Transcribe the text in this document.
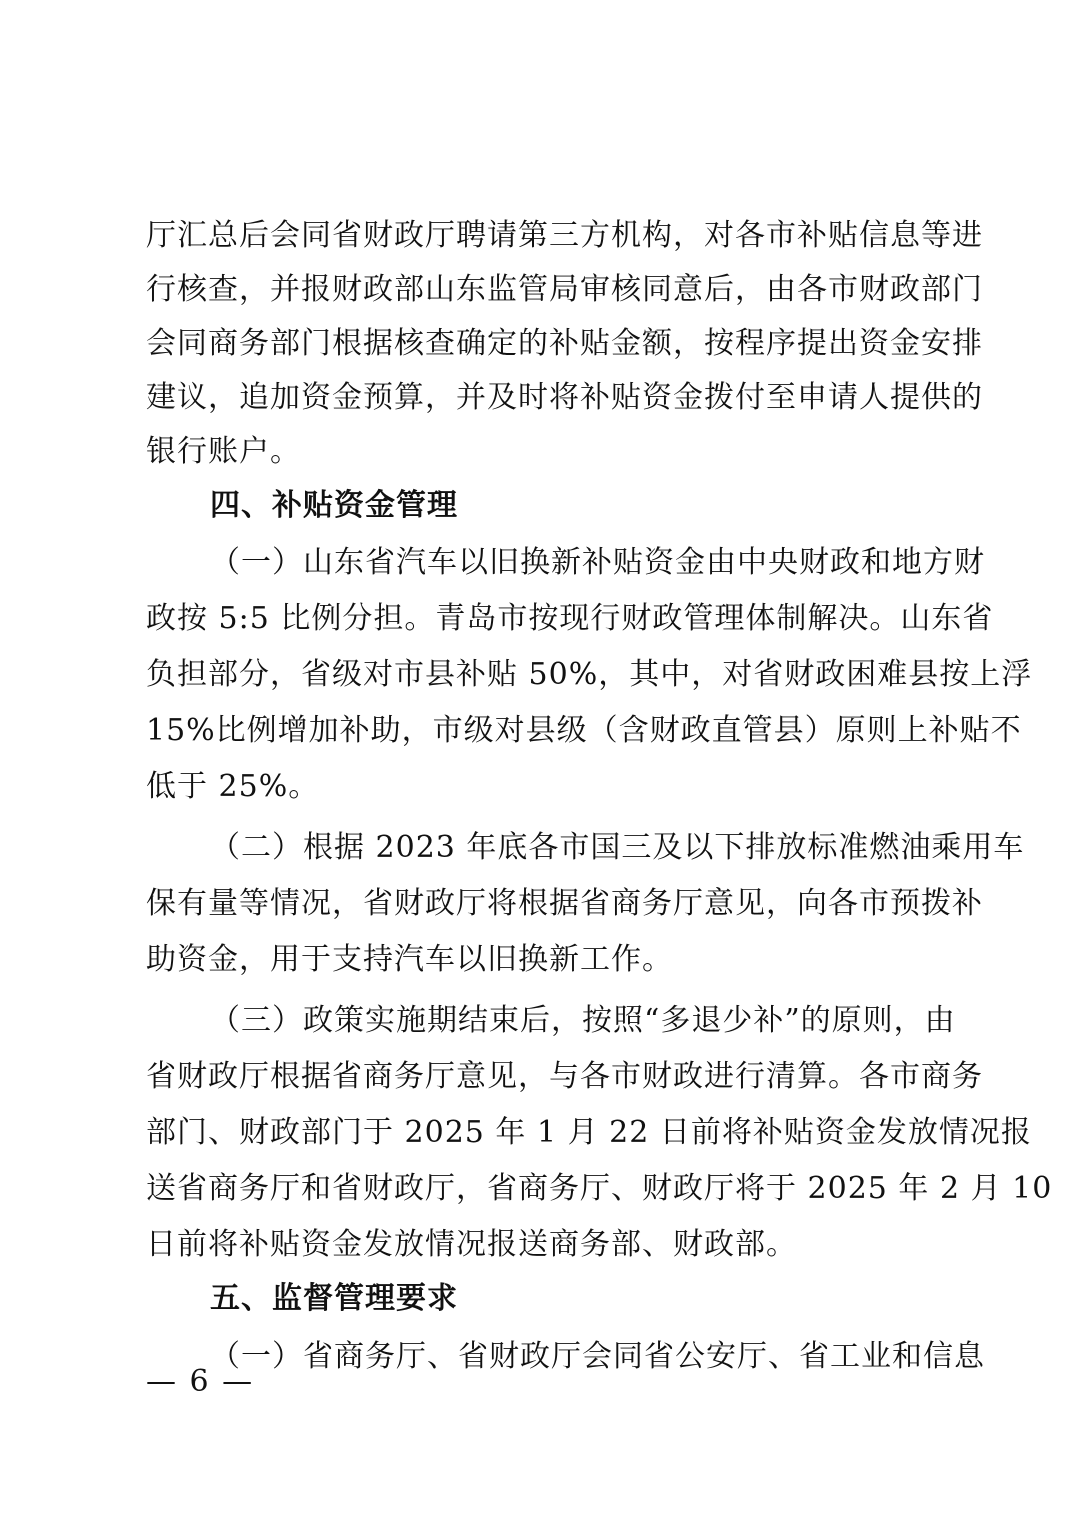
厅汇总后会同省财政厅聘请第三方机构，对各市补贴信息等进
行核查，并报财政部山东监管局审核同意后，由各市财政部门
会同商务部门根据核查确定的补贴金额，按程序提出资金安排
建议，追加资金预算，并及时将补贴资金拨付至申请人提供的
银行账户。
四、补贴资金管理
（一）山东省汽车以旧换新补贴资金由中央财政和地方财
政按 5:5 比例分担。青岛市按现行财政管理体制解决。山东省
负担部分，省级对市县补贴 50%，其中，对省财政困难县按上浮
15%比例增加补助，市级对县级（含财政直管县）原则上补贴不
低于 25%。
（二）根据 2023 年底各市国三及以下排放标准燃油乘用车
保有量等情况，省财政厅将根据省商务厅意见，向各市预拨补
助资金，用于支持汽车以旧换新工作。
（三）政策实施期结束后，按照“多退少补”的原则，由
省财政厅根据省商务厅意见，与各市财政进行清算。各市商务
部门、财政部门于 2025 年 1 月 22 日前将补贴资金发放情况报
送省商务厅和省财政厅，省商务厅、财政厅将于 2025 年 2 月 10
日前将补贴资金发放情况报送商务部、财政部。
五、监督管理要求
（一）省商务厅、省财政厅会同省公安厅、省工业和信息
— 6 —
